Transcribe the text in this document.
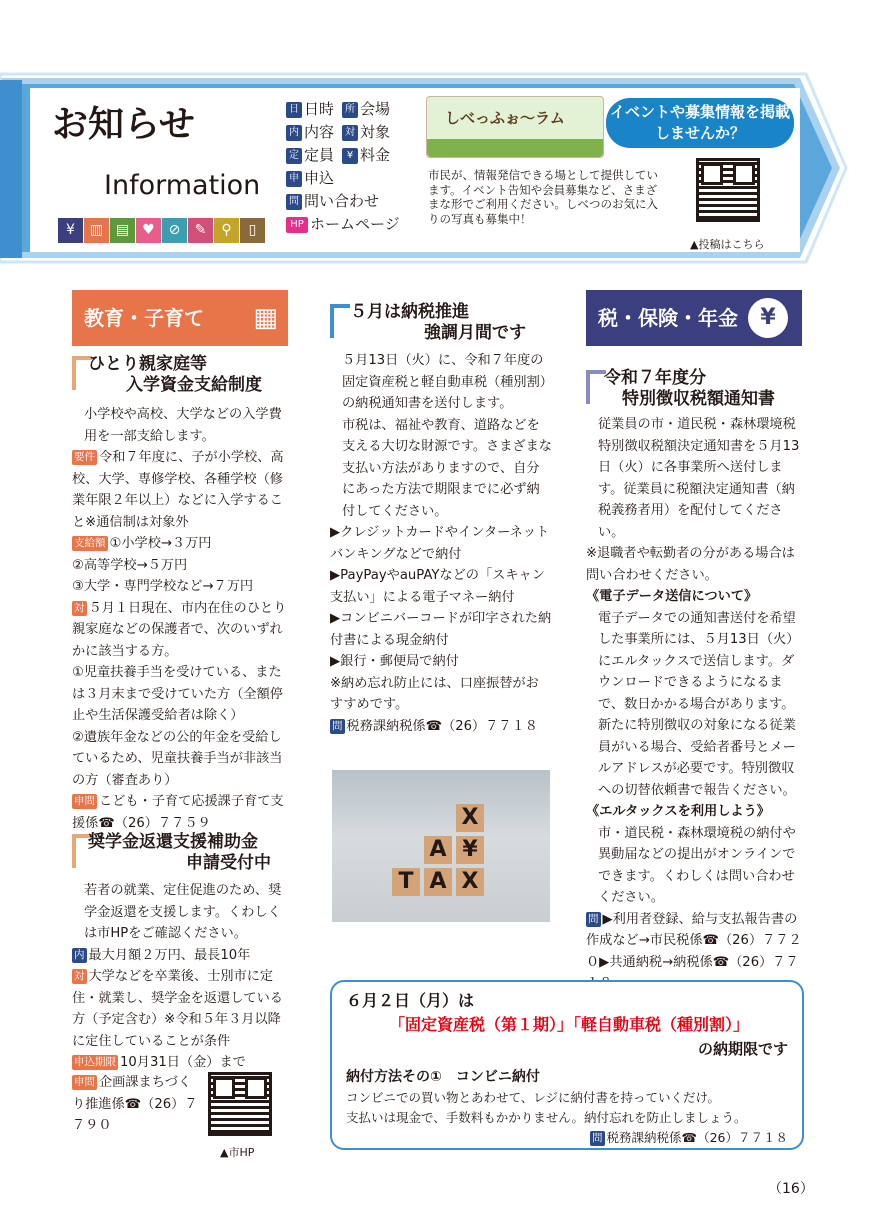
お知らせ
Information
¥	▥ ▤ ♥ ⊘	✎	⚲	▯
日 日時	所 会場
内 内容	対 対象
定 定員	¥ 料金
申 申込
問 問い合わせ
HP ホームページ
しべっふぉ～ラム	イベントや募集情報を掲載しませんか？
市民が、情報発信できる場として提供しています。イベント告知や会員募集など、さまざまな形でご利用ください。しべつのお気に入りの写真も募集中！
▲投稿はこちら
教育・子育て ▦
ひとり親家庭等
入学資金支給制度

小学校や高校、大学などの入学費用を一部支給します。

要件 令和７年度に、子が小学校、高校、大学、専修学校、各種学校（修業年限２年以上）などに入学すること※通信制は対象外

支給額 ①小学校→３万円

②高等学校→５万円

③大学・専門学校など→７万円

対 ５月１日現在、市内在住のひとり親家庭などの保護者で、次のいずれかに該当する方。

①児童扶養手当を受けている、または３月末まで受けていた方（全額停止や生活保護受給者は除く）

②遺族年金などの公的年金を受給しているため、児童扶養手当が非該当の方（審査あり）

申問 こども・子育て応援課子育て支援係☎（26）７７５９

奨学金返還支援補助金
申請受付中

若者の就業、定住促進のため、奨学金返還を支援します。くわしくは市HPをご確認ください。

内 最大月額２万円、最長10年

対 大学などを卒業後、士別市に定住・就業し、奨学金を返還している方（予定含む）※令和５年３月以降に定住していることが条件

申込期限 10月31日（金）まで

申問 企画課まちづくり推進係☎（26）７７９０

▲市HP
５月は納税推進
強調月間です

５月13日（火）に、令和７年度の固定資産税と軽自動車税（種別割）の納税通知書を送付します。

市税は、福祉や教育、道路などを支える大切な財源です。さまざまな支払い方法がありますので、自分にあった方法で期限までに必ず納付してください。

▶クレジットカードやインターネットバンキングなどで納付

▶PayPayやauPAYなどの「スキャン支払い」による電子マネー納付

▶コンビニバーコードが印字された納付書による現金納付

▶銀行・郵便局で納付

※納め忘れ防止には、口座振替がおすすめです。

問 税務課納税係☎（26）７７１８

T A X
A ¥
X
税・保険・年金	¥
令和７年度分
特別徴収税額通知書

従業員の市・道民税・森林環境税特別徴収税額決定通知書を５月13日（火）に各事業所へ送付します。従業員に税額決定通知書（納税義務者用）を配付してください。

※退職者や転勤者の分がある場合は問い合わせください。

《電子データ送信について》

電子データでの通知書送付を希望した事業所には、５月13日（火）にエルタックスで送信します。ダウンロードできるようになるまで、数日かかる場合があります。

新たに特別徴収の対象になる従業員がいる場合、受給者番号とメールアドレスが必要です。特別徴収への切替依頼書で報告ください。

《エルタックスを利用しよう》

市・道民税・森林環境税の納付や異動届などの提出がオンラインでできます。くわしくは問い合わせください。

問 ▶利用者登録、給与支払報告書の作成など→市民税係☎（26）７７２０▶共通納税→納税係☎（26）７７

６月２日（月）は
「固定資産税（第１期）」「軽自動車税（種別割）」
の納期限です
納付方法その①　コンビニ納付
コンビニでの買い物とあわせて、レジに納付書を持っていくだけ。
支払いは現金で、手数料もかかりません。納付忘れを防止しましょう。
問 税務課納税係☎（26）７７１８
（16）
